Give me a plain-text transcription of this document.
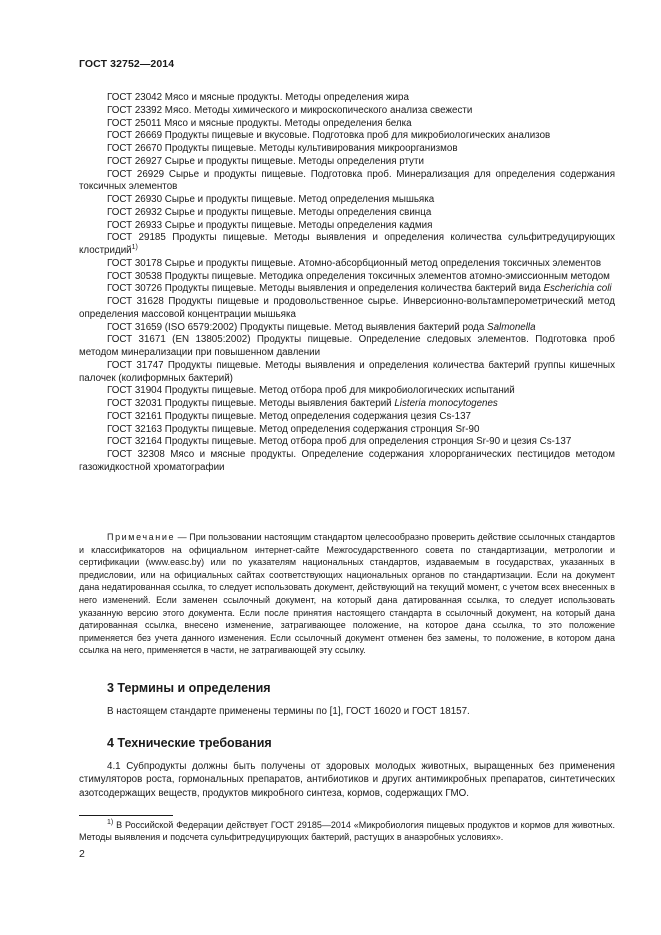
ГОСТ 32752—2014
ГОСТ 23042 Мясо и мясные продукты. Методы определения жира
ГОСТ 23392 Мясо. Методы химического и микроскопического анализа свежести
ГОСТ 25011 Мясо и мясные продукты. Методы определения белка
ГОСТ 26669 Продукты пищевые и вкусовые. Подготовка проб для микробиологических анализов
ГОСТ 26670 Продукты пищевые. Методы культивирования микроорганизмов
ГОСТ 26927 Сырье и продукты пищевые. Методы определения ртути
ГОСТ 26929 Сырье и продукты пищевые. Подготовка проб. Минерализация для определения содержания токсичных элементов
ГОСТ 26930 Сырье и продукты пищевые. Метод определения мышьяка
ГОСТ 26932 Сырье и продукты пищевые. Методы определения свинца
ГОСТ 26933 Сырье и продукты пищевые. Методы определения кадмия
ГОСТ 29185 Продукты пищевые. Методы выявления и определения количества сульфитредуцирующих клостридий$^{1)}$
ГОСТ 30178 Сырье и продукты пищевые. Атомно-абсорбционный метод определения токсичных элементов
ГОСТ 30538 Продукты пищевые. Методика определения токсичных элементов атомно-эмиссионным методом
ГОСТ 30726 Продукты пищевые. Методы выявления и определения количества бактерий вида Escherichia coli
ГОСТ 31628 Продукты пищевые и продовольственное сырье. Инверсионно-вольтамперометрический метод определения массовой концентрации мышьяка
ГОСТ 31659 (ISO 6579:2002) Продукты пищевые. Метод выявления бактерий рода Salmonella
ГОСТ 31671 (EN 13805:2002) Продукты пищевые. Определение следовых элементов. Подготовка проб методом минерализации при повышенном давлении
ГОСТ 31747 Продукты пищевые. Методы выявления и определения количества бактерий группы кишечных палочек (колиформных бактерий)
ГОСТ 31904 Продукты пищевые. Метод отбора проб для микробиологических испытаний
ГОСТ 32031 Продукты пищевые. Методы выявления бактерий Listeria monocytogenes
ГОСТ 32161 Продукты пищевые. Метод определения содержания цезия Cs-137
ГОСТ 32163 Продукты пищевые. Метод определения содержания стронция Sr-90
ГОСТ 32164 Продукты пищевые. Метод отбора проб для определения стронция Sr-90 и цезия Cs-137
ГОСТ 32308 Мясо и мясные продукты. Определение содержания хлорорганических пестицидов методом газожидкостной хроматографии
Примечание — При пользовании настоящим стандартом целесообразно проверить действие ссылочных стандартов и классификаторов на официальном интернет-сайте Межгосударственного совета по стандартизации, метрологии и сертификации (www.easc.by) или по указателям национальных стандартов, издаваемым в государствах, указанных в предисловии, или на официальных сайтах соответствующих национальных органов по стандартизации. Если на документ дана недатированная ссылка, то следует использовать документ, действующий на текущий момент, с учетом всех внесенных в него изменений. Если заменен ссылочный документ, на который дана датированная ссылка, то следует использовать указанную версию этого документа. Если после принятия настоящего стандарта в ссылочный документ, на который дана датированная ссылка, внесено изменение, затрагивающее положение, на которое дана ссылка, то это положение применяется без учета данного изменения. Если ссылочный документ отменен без замены, то положение, в котором дана ссылка на него, применяется в части, не затрагивающей эту ссылку.
3 Термины и определения
В настоящем стандарте применены термины по [1], ГОСТ 16020 и ГОСТ 18157.
4 Технические требования
4.1 Субпродукты должны быть получены от здоровых молодых животных, выращенных без применения стимуляторов роста, гормональных препаратов, антибиотиков и других антимикробных препаратов, синтетических азотсодержащих веществ, продуктов микробного синтеза, кормов, содержащих ГМО.
$^{1)}$ В Российской Федерации действует ГОСТ 29185—2014 «Микробиология пищевых продуктов и кормов для животных. Методы выявления и подсчета сульфитредуцирующих бактерий, растущих в анаэробных условиях».
2
